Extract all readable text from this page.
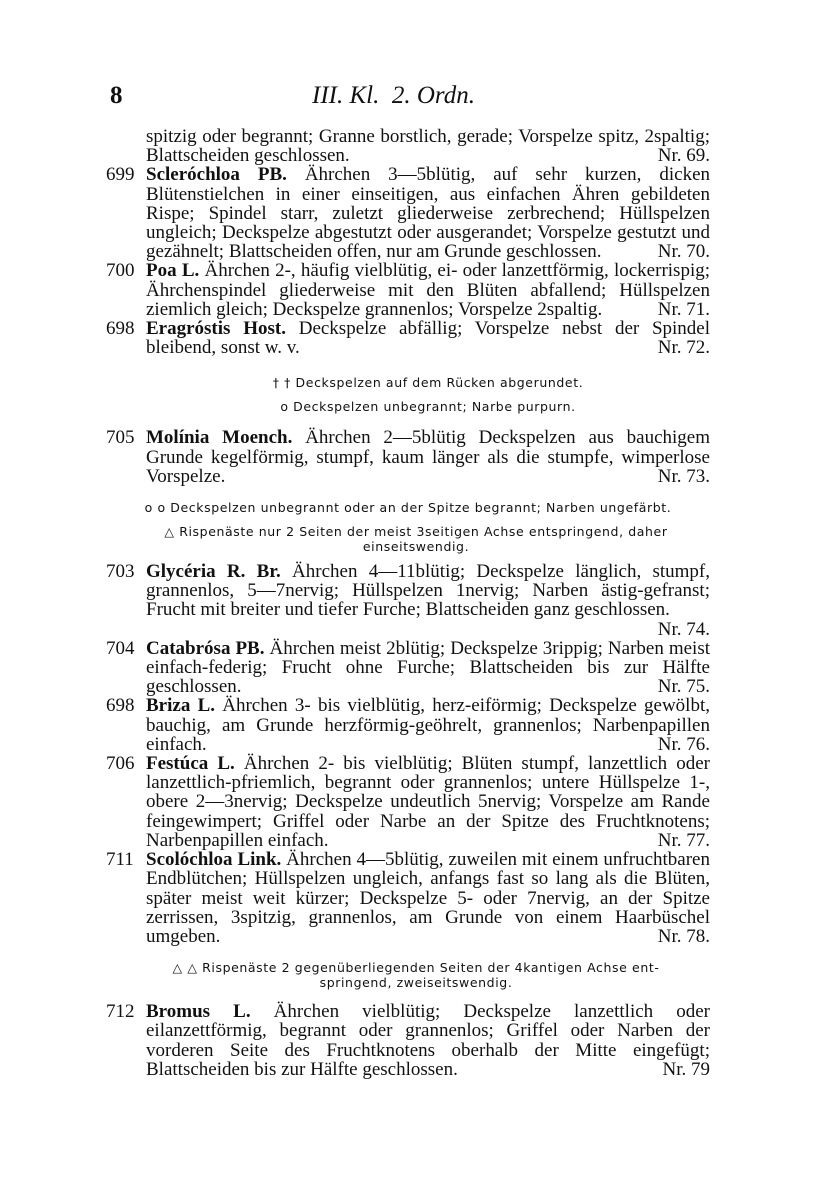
8	III. Kl.  2. Ordn.
spitzig oder begrannt; Granne borstlich, gerade; Vorspelze spitz, 2spaltig; Blattscheiden geschlossen.	Nr. 69.
699 Scleróchloa PB. Ährchen 3—5blütig, auf sehr kurzen, dicken Blütenstielchen in einer einseitigen, aus einfachen Ähren gebildeten Rispe; Spindel starr, zuletzt gliederweise zerbrechend; Hüllspelzen ungleich; Deckspelze abgestutzt oder ausgerandet; Vorspelze gestutzt und gezähnelt; Blattscheiden offen, nur am Grunde geschlossen.	Nr. 70.
700 Poa L. Ährchen 2-, häufig vielblütig, ei- oder lanzettförmig, lockerrispig; Ährchenspindel gliederweise mit den Blüten abfallend; Hüllspelzen ziemlich gleich; Deckspelze grannenlos; Vorspelze 2spaltig.	Nr. 71.
698 Eragróstis Host. Deckspelze abfällig; Vorspelze nebst der Spindel bleibend, sonst w. v.	Nr. 72.

† † Deckspelzen auf dem Rücken abgerundet.

o Deckspelzen unbegrannt; Narbe purpurn.

705 Molínia Moench. Ährchen 2—5blütig Deckspelzen aus bauchigem Grunde kegelförmig, stumpf, kaum länger als die stumpfe, wimperlose Vorspelze.	Nr. 73.

o o Deckspelzen unbegrannt oder an der Spitze begrannt; Narben ungefärbt.

△ Rispenäste nur 2 Seiten der meist 3seitigen Achse entspringend, daher
einseitswendig.

703 Glycéria R. Br. Ährchen 4—11blütig; Deckspelze länglich, stumpf, grannenlos, 5—7nervig; Hüllspelzen 1nervig; Narben ästig-gefranst; Frucht mit breiter und tiefer Furche; Blattscheiden ganz geschlossen.
Nr. 74.
704 Catabrósa PB. Ährchen meist 2blütig; Deckspelze 3rippig; Narben meist einfach-federig; Frucht ohne Furche; Blattscheiden bis zur Hälfte geschlossen.	Nr. 75.
698 Briza L. Ährchen 3- bis vielblütig, herz-eiförmig; Deckspelze gewölbt, bauchig, am Grunde herzförmig-geöhrelt, grannenlos; Narbenpapillen einfach.	Nr. 76.
706 Festúca L. Ährchen 2- bis vielblütig; Blüten stumpf, lanzettlich oder lanzettlich-pfriemlich, begrannt oder grannenlos; untere Hüllspelze 1-, obere 2—3nervig; Deckspelze undeutlich 5nervig; Vorspelze am Rande feingewimpert; Griffel oder Narbe an der Spitze des Fruchtknotens; Narbenpapillen einfach.	Nr. 77.
711 Scolóchloa Link. Ährchen 4—5blütig, zuweilen mit einem unfruchtbaren Endblütchen; Hüllspelzen ungleich, anfangs fast so lang als die Blüten, später meist weit kürzer; Deckspelze 5- oder 7nervig, an der Spitze zerrissen, 3spitzig, grannenlos, am Grunde von einem Haarbüschel umgeben.	Nr. 78.

△ △ Rispenäste 2 gegenüberliegenden Seiten der 4kantigen Achse ent-
springend, zweiseitswendig.

712 Bromus L. Ährchen vielblütig; Deckspelze lanzettlich oder eilanzettförmig, begrannt oder grannenlos; Griffel oder Narben der vorderen Seite des Fruchtknotens oberhalb der Mitte eingefügt; Blattscheiden bis zur Hälfte geschlossen.	Nr. 79
